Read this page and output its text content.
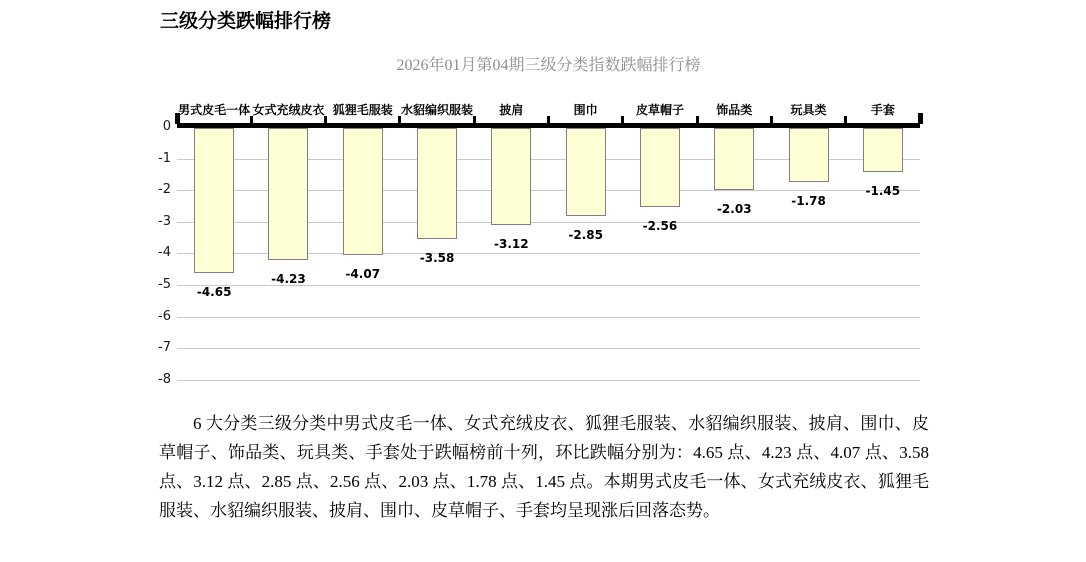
三级分类跌幅排行榜
2026年01月第04期三级分类指数跌幅排行榜
0
-1
-2
-3
-4
-5
-6
-7
-8
男式皮毛一体
-4.65
女式充绒皮衣
-4.23
狐狸毛服装
-4.07
水貂编织服装
-3.58
披肩
-3.12
围巾
-2.85
皮草帽子
-2.56
饰品类
-2.03
玩具类
-1.78
手套
-1.45
6 大分类三级分类中男式皮毛一体、女式充绒皮衣、狐狸毛服装、水貂编织服装、披肩、围巾、皮草帽子、饰品类、玩具类、手套处于跌幅榜前十列，环比跌幅分别为：4.65 点、4.23 点、4.07 点、3.58 点、3.12 点、2.85 点、2.56 点、2.03 点、1.78 点、1.45 点。本期男式皮毛一体、女式充绒皮衣、狐狸毛服装、水貂编织服装、披肩、围巾、皮草帽子、手套均呈现涨后回落态势。
